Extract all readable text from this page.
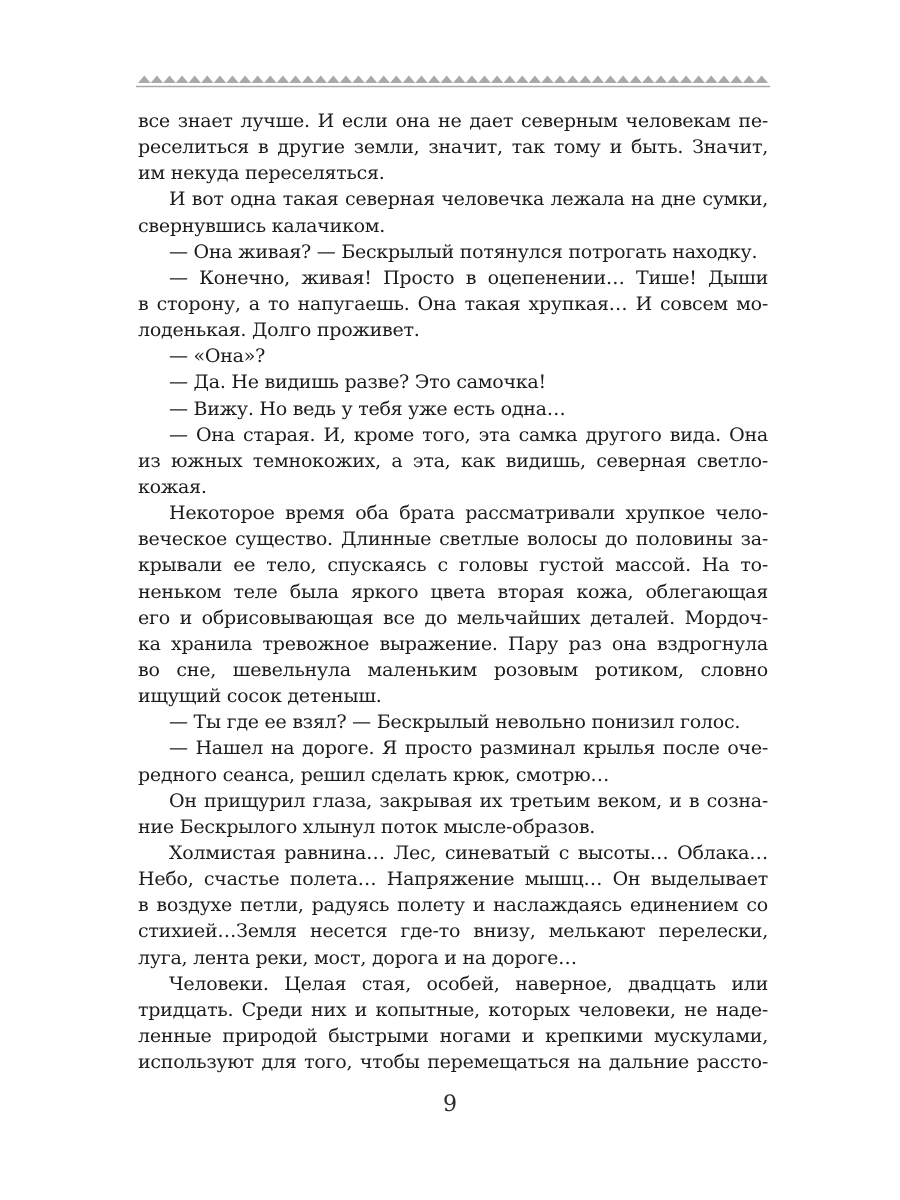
все знает лучше. И если она не дает северным человекам пе-
реселиться в другие земли, значит, так тому и быть. Значит,
им некуда переселяться.
И вот одна такая северная человечка лежала на дне сумки,
свернувшись калачиком.
— Она живая? — Бескрылый потянулся потрогать находку.
— Конечно, живая! Просто в оцепенении… Тише! Дыши
в сторону, а то напугаешь. Она такая хрупкая… И совсем мо-
лоденькая. Долго проживет.
— «Она»?
— Да. Не видишь разве? Это самочка!
— Вижу. Но ведь у тебя уже есть одна…
— Она старая. И, кроме того, эта самка другого вида. Она
из южных темнокожих, а эта, как видишь, северная светло-
кожая.
Некоторое время оба брата рассматривали хрупкое чело-
веческое существо. Длинные светлые волосы до половины за-
крывали ее тело, спускаясь с головы густой массой. На то-
неньком теле была яркого цвета вторая кожа, облегающая
его и обрисовывающая все до мельчайших деталей. Мордоч-
ка хранила тревожное выражение. Пару раз она вздрогнула
во сне, шевельнула маленьким розовым ротиком, словно
ищущий сосок детеныш.
— Ты где ее взял? — Бескрылый невольно понизил голос.
— Нашел на дороге. Я просто разминал крылья после оче-
редного сеанса, решил сделать крюк, смотрю…
Он прищурил глаза, закрывая их третьим веком, и в созна-
ние Бескрылого хлынул поток мысле-образов.
Холмистая равнина… Лес, синеватый с высоты… Облака…
Небо, счастье полета… Напряжение мышц… Он выделывает
в воздухе петли, радуясь полету и наслаждаясь единением со
стихией…Земля несется где-то внизу, мелькают перелески,
луга, лента реки, мост, дорога и на дороге…
Человеки. Целая стая, особей, наверное, двадцать или
тридцать. Среди них и копытные, которых человеки, не наде-
ленные природой быстрыми ногами и крепкими мускулами,
используют для того, чтобы перемещаться на дальние рассто-
9
